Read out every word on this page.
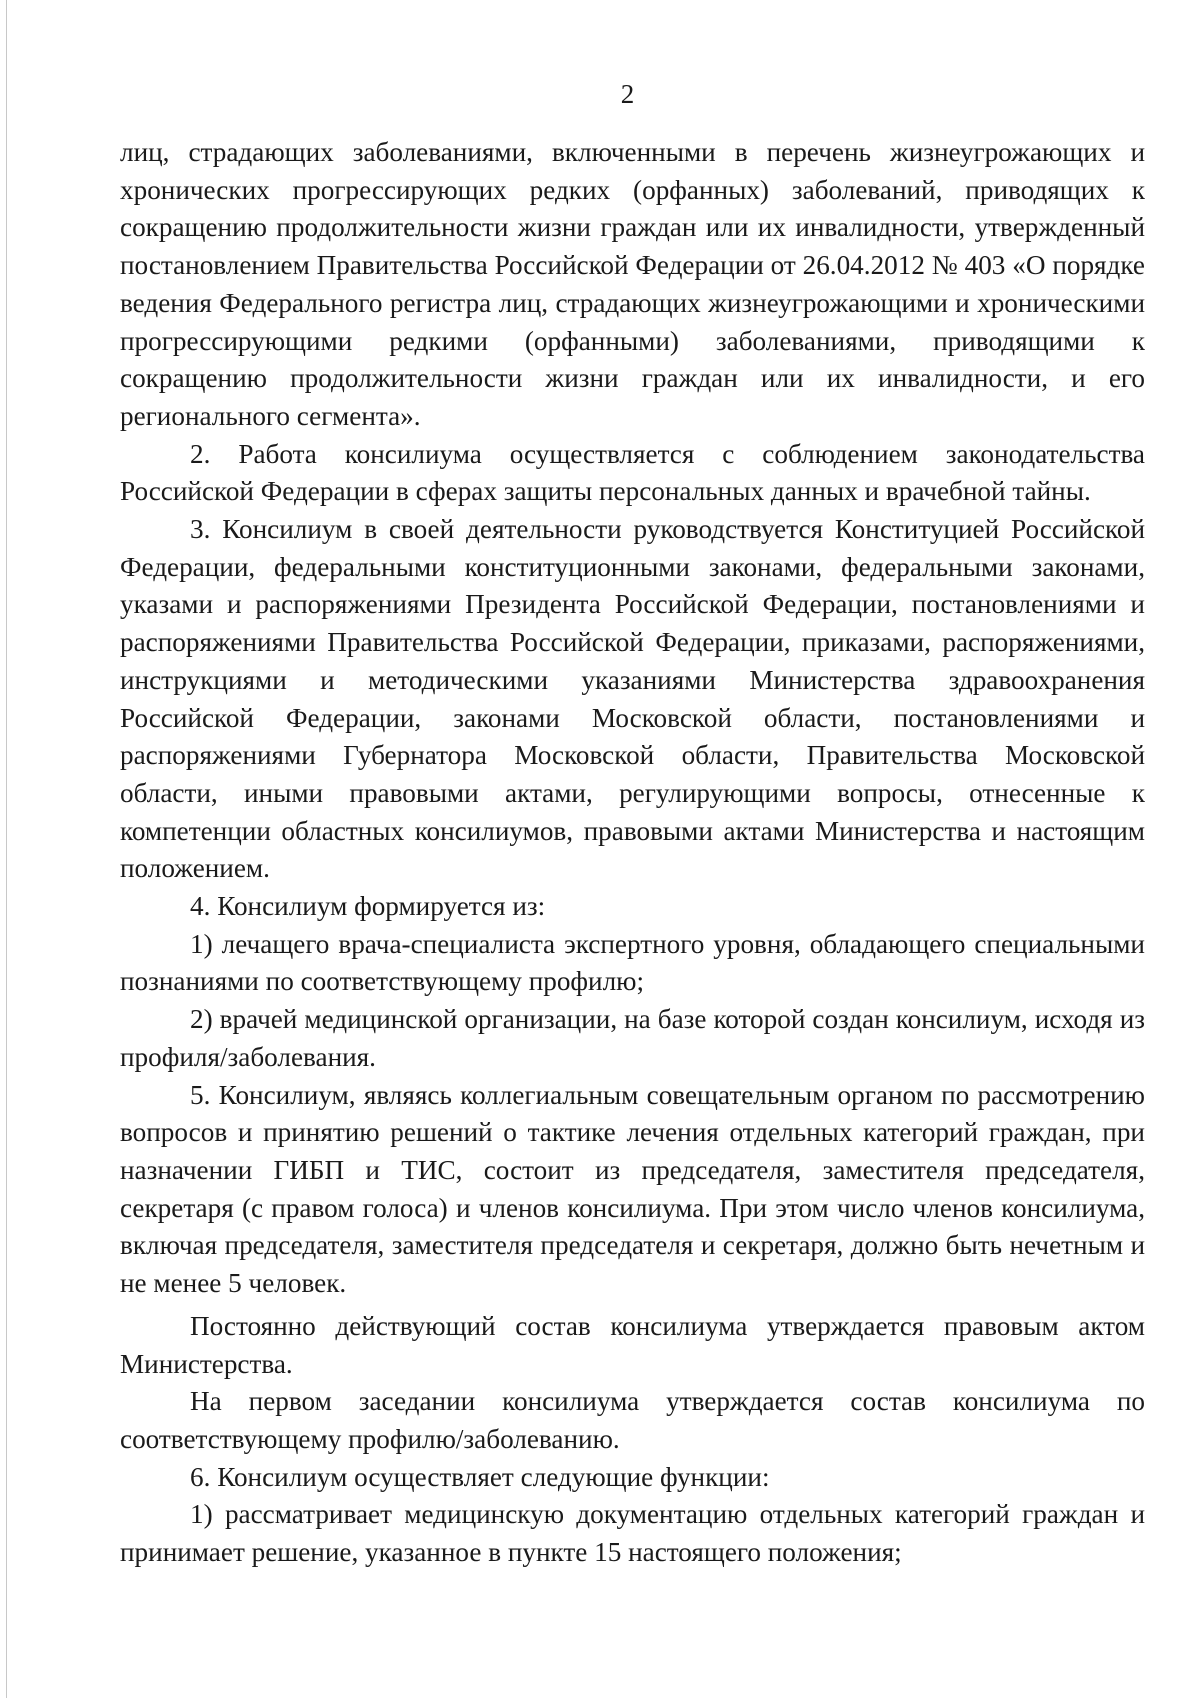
2

лиц, страдающих заболеваниями, включенными в перечень жизнеугрожающих и хронических прогрессирующих редких (орфанных) заболеваний, приводящих к сокращению продолжительности жизни граждан или их инвалидности, утвержденный постановлением Правительства Российской Федерации от 26.04.2012 № 403 «О порядке ведения Федерального регистра лиц, страдающих жизнеугрожающими и хроническими прогрессирующими редкими (орфанными) заболеваниями, приводящими к сокращению продолжительности жизни граждан или их инвалидности, и его регионального сегмента».

2. Работа консилиума осуществляется с соблюдением законодательства Российской Федерации в сферах защиты персональных данных и врачебной тайны.

3. Консилиум в своей деятельности руководствуется Конституцией Российской Федерации, федеральными конституционными законами, федеральными законами, указами и распоряжениями Президента Российской Федерации, постановлениями и распоряжениями Правительства Российской Федерации, приказами, распоряжениями, инструкциями и методическими указаниями Министерства здравоохранения Российской Федерации, законами Московской области, постановлениями и распоряжениями Губернатора Московской области, Правительства Московской области, иными правовыми актами, регулирующими вопросы, отнесенные к компетенции областных консилиумов, правовыми актами Министерства и настоящим положением.

4. Консилиум формируется из:

1) лечащего врача-специалиста экспертного уровня, обладающего специальными познаниями по соответствующему профилю;

2) врачей медицинской организации, на базе которой создан консилиум, исходя из профиля/заболевания.

5. Консилиум, являясь коллегиальным совещательным органом по рассмотрению вопросов и принятию решений о тактике лечения отдельных категорий граждан, при назначении ГИБП и ТИС, состоит из председателя, заместителя председателя, секретаря (с правом голоса) и членов консилиума. При этом число членов консилиума, включая председателя, заместителя председателя и секретаря, должно быть нечетным и не менее 5 человек.

Постоянно действующий состав консилиума утверждается правовым актом Министерства.

На первом заседании консилиума утверждается состав консилиума по соответствующему профилю/заболеванию.

6. Консилиум осуществляет следующие функции:

1) рассматривает медицинскую документацию отдельных категорий граждан и принимает решение, указанное в пункте 15 настоящего положения;
